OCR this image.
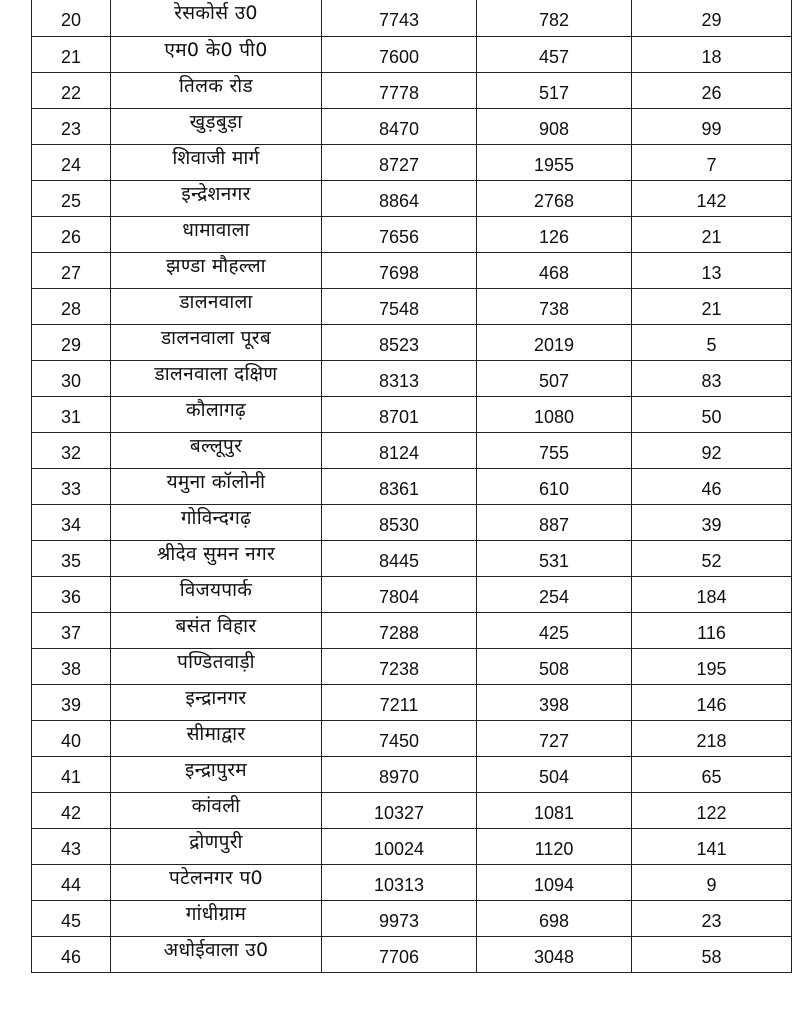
20	रेसकोर्स उ0	7743	782	29
21	एम0 के0 पी0	7600	457	18
22	तिलक रोड	7778	517	26
23	खुड़बुड़ा	8470	908	99
24	शिवाजी मार्ग	8727	1955	7
25	इन्द्रेशनगर	8864	2768	142
26	धामावाला	7656	126	21
27	झण्डा मौहल्ला	7698	468	13
28	डालनवाला	7548	738	21
29	डालनवाला पूरब	8523	2019	5
30	डालनवाला दक्षिण	8313	507	83
31	कौलागढ़	8701	1080	50
32	बल्लूपुर	8124	755	92
33	यमुना कॉलोनी	8361	610	46
34	गोविन्दगढ़	8530	887	39
35	श्रीदेव सुमन नगर	8445	531	52
36	विजयपार्क	7804	254	184
37	बसंत विहार	7288	425	116
38	पण्डितवाड़ी	7238	508	195
39	इन्द्रानगर	7211	398	146
40	सीमाद्वार	7450	727	218
41	इन्द्रापुरम	8970	504	65
42	कांवली	10327	1081	122
43	द्रोणपुरी	10024	1120	141
44	पटेलनगर प0	10313	1094	9
45	गांधीग्राम	9973	698	23
46	अधोईवाला उ0	7706	3048	58
